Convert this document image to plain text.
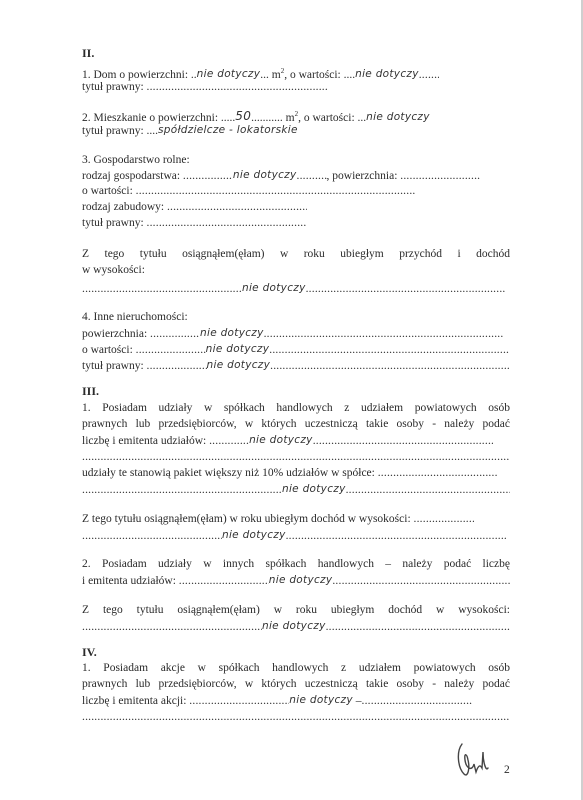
II.
1. Dom o powierzchni: ..nie dotyczy... $m^2$, o wartości: ....nie dotyczy.....
tytuł prawny: .....
2. Mieszkanie o powierzchni: .....50........... $m^2$, o wartości: ...nie dotyczy
tytuł prawny: ....spółdzielcze - lokatorskie
3. Gospodarstwo rolne:
rodzaj gospodarstwa: .....	nie dotyczy .....	, powierzchnia: .....
o wartości: .....
rodzaj zabudowy: .....
tytuł prawny: .....
Z tego tytułu osiągnąłem(ęłam) w roku ubiegłym przychód i dochód
w wysokości:
.....nie dotyczy.....
4. Inne nieruchomości:
powierzchnia: .....	nie dotyczy.....
o wartości: .....	nie dotyczy.....
tytuł prawny: .....	nie dotyczy.....
III.
1. Posiadam udziały w spółkach handlowych z udziałem powiatowych osób
prawnych lub przedsiębiorców, w których uczestniczą takie osoby - należy podać
liczbę i emitenta udziałów: .....	nie dotyczy.....
.....
udziały te stanowią pakiet większy niż 10% udziałów w spółce: .....
.....nie dotyczy.....
Z tego tytułu osiągnąłem(ęłam) w roku ubiegłym dochód w wysokości: .....
.....nie dotyczy.....
2. Posiadam udziały w innych spółkach handlowych – należy podać liczbę
i emitenta udziałów: .....	nie dotyczy.....
Z tego tytułu osiągnąłem(ęłam) w roku ubiegłym dochód w wysokości:
.....nie dotyczy.....
IV.
1. Posiadam akcje w spółkach handlowych z udziałem powiatowych osób
prawnych lub przedsiębiorców, w których uczestniczą takie osoby - należy podać
liczbę i emitenta akcji: .....	nie dotyczy –.....
.....
2
